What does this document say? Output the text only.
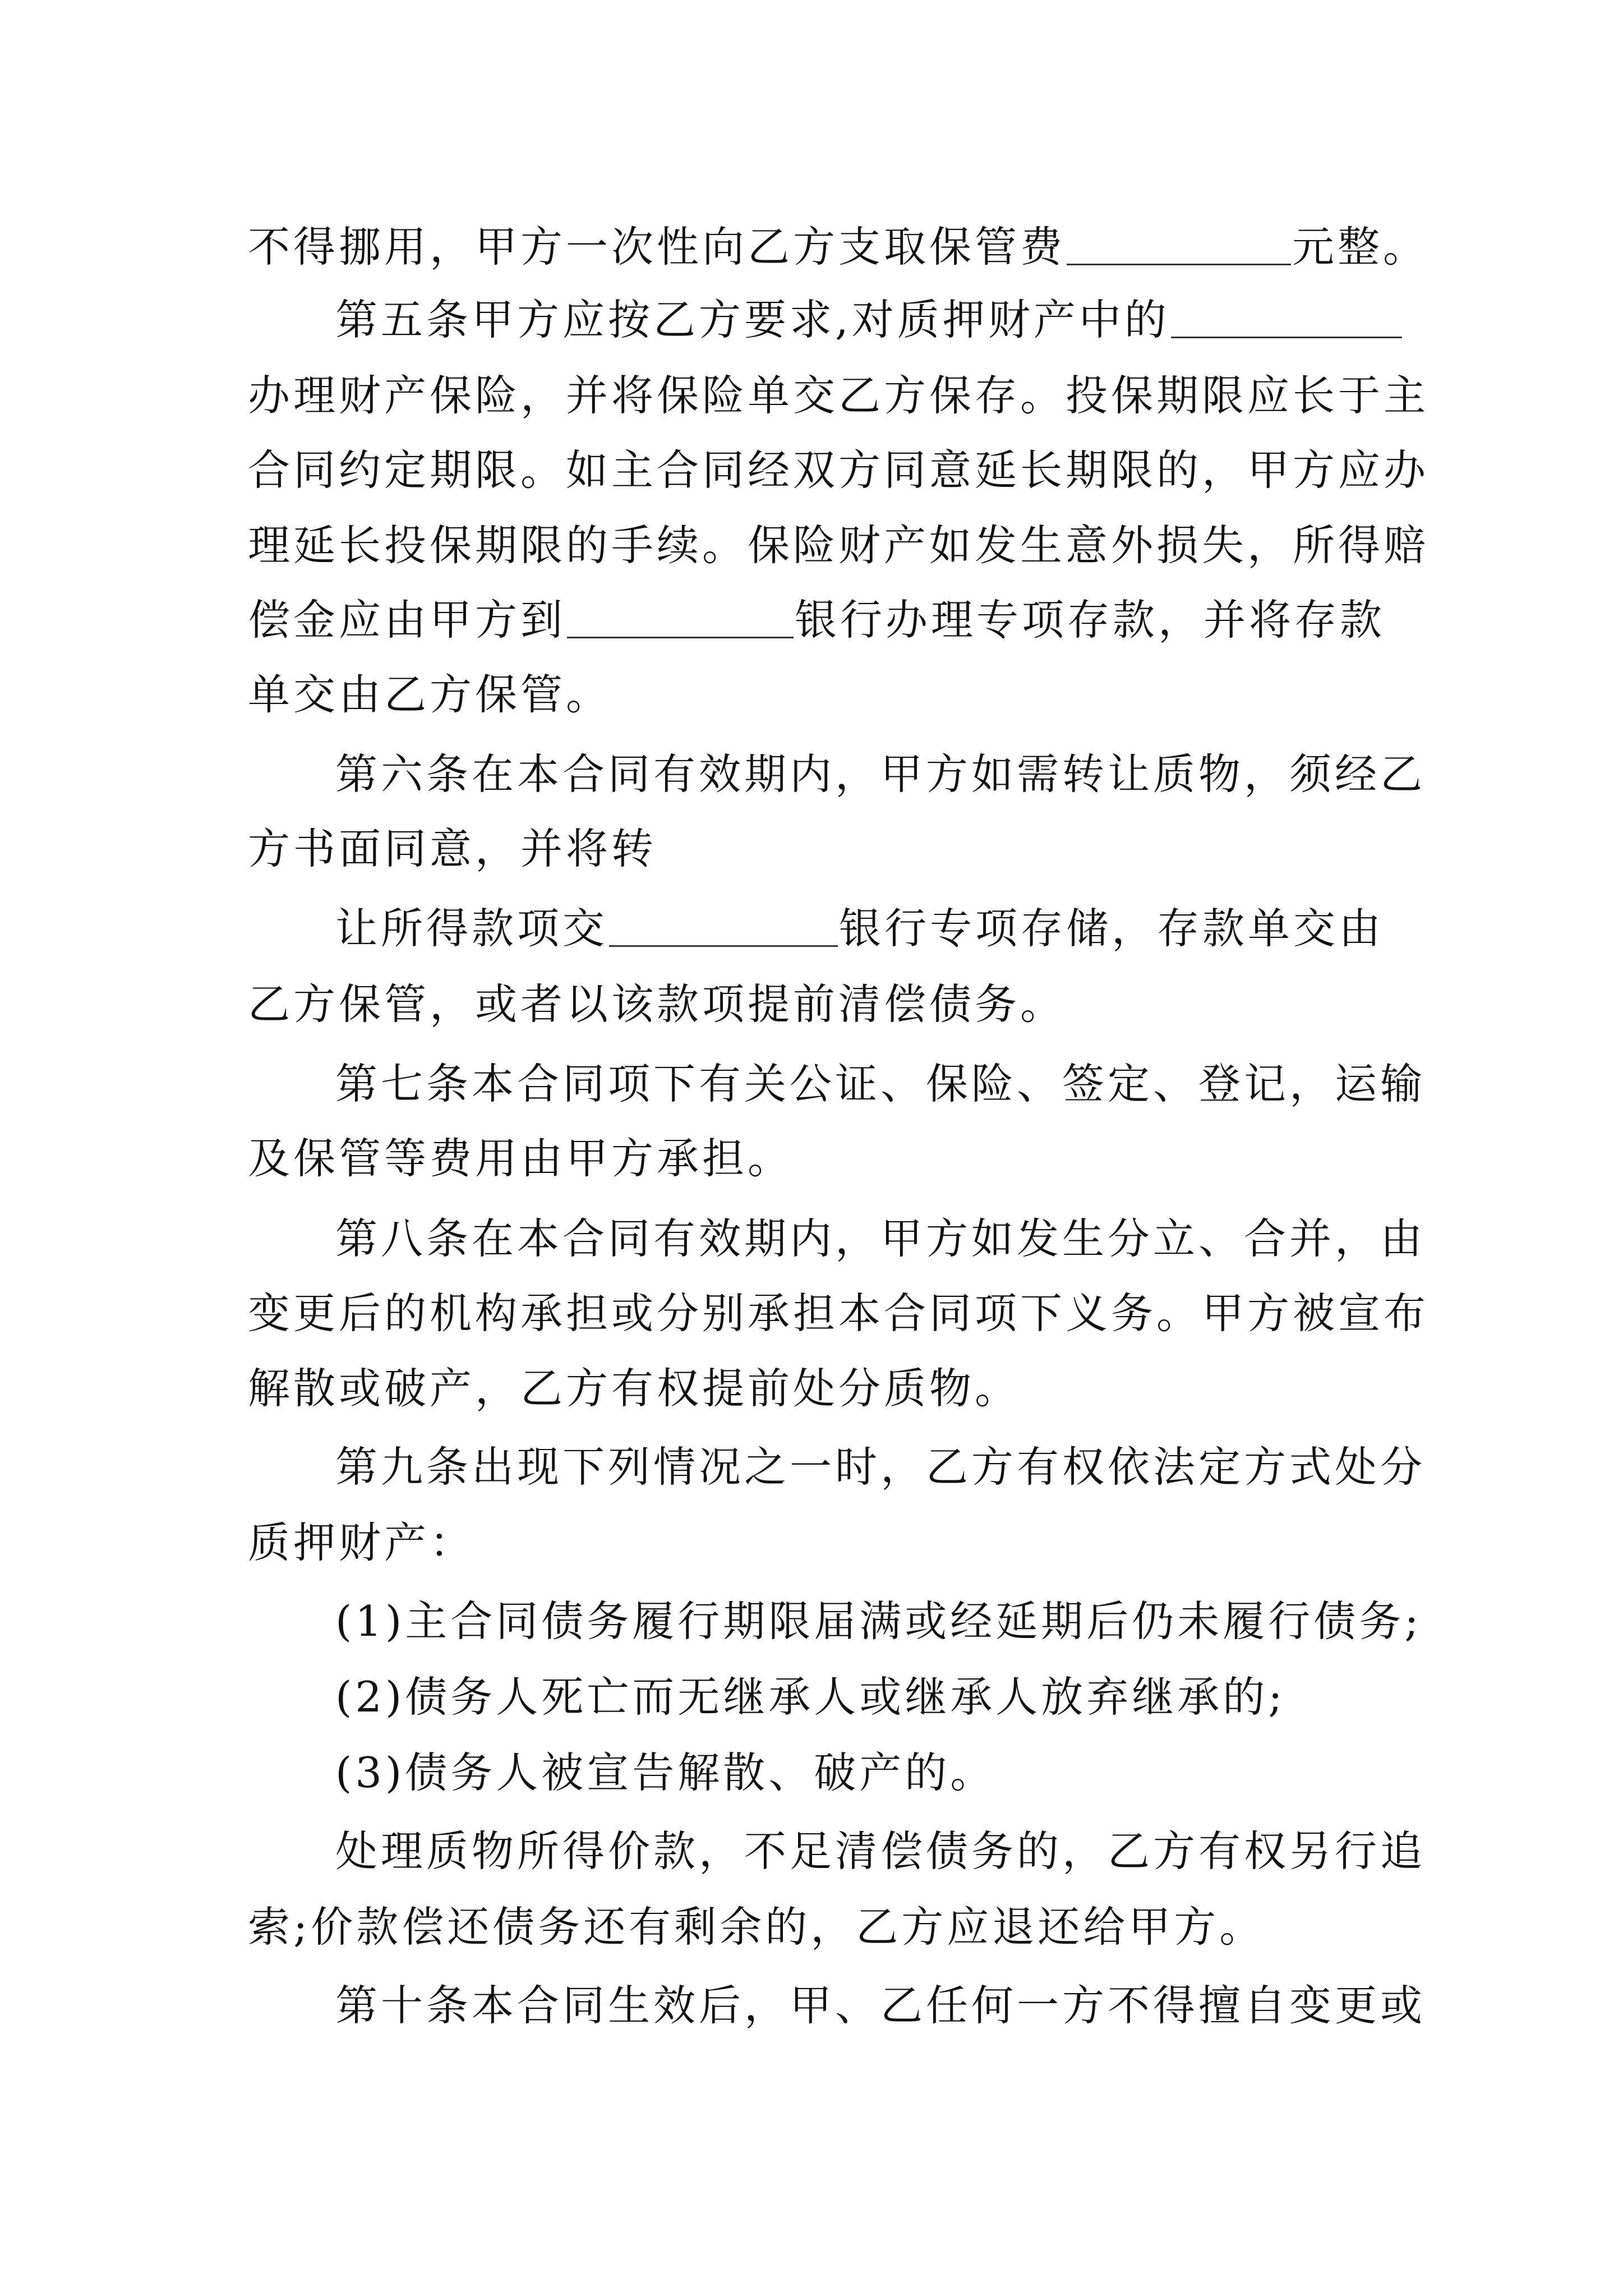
不得挪用，甲方一次性向乙方支取保管费	元整。
第五条甲方应按乙方要求,对质押财产中的
办理财产保险，并将保险单交乙方保存。投保期限应长于主
合同约定期限。如主合同经双方同意延长期限的，甲方应办
理延长投保期限的手续。保险财产如发生意外损失，所得赔
偿金应由甲方到	银行办理专项存款，并将存款
单交由乙方保管。
第六条在本合同有效期内，甲方如需转让质物，须经乙
方书面同意，并将转
让所得款项交	银行专项存储，存款单交由
乙方保管，或者以该款项提前清偿债务。
第七条本合同项下有关公证、保险、签定、登记，运输
及保管等费用由甲方承担。
第八条在本合同有效期内，甲方如发生分立、合并，由
变更后的机构承担或分别承担本合同项下义务。甲方被宣布
解散或破产，乙方有权提前处分质物。
第九条出现下列情况之一时，乙方有权依法定方式处分
质押财产：
(1)主合同债务履行期限届满或经延期后仍未履行债务;
(2)债务人死亡而无继承人或继承人放弃继承的;
(3)债务人被宣告解散、破产的。
处理质物所得价款，不足清偿债务的，乙方有权另行追
索;价款偿还债务还有剩余的，乙方应退还给甲方。
第十条本合同生效后，甲、乙任何一方不得擅自变更或
